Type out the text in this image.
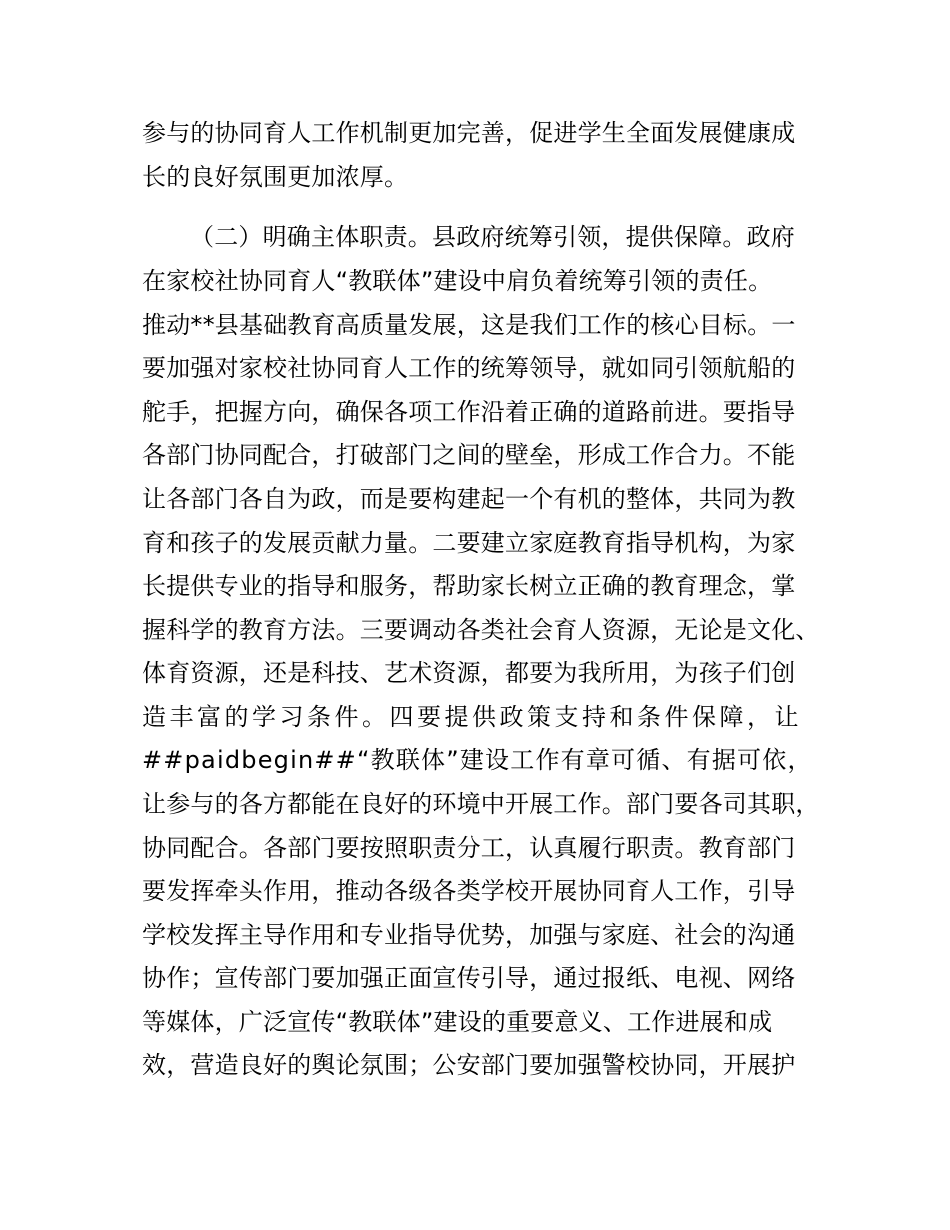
参与的协同育人工作机制更加完善，促进学生全面发展健康成
长的良好氛围更加浓厚。
（二）明确主体职责。县政府统筹引领，提供保障。政府
在家校社协同育人“教联体”建设中肩负着统筹引领的责任。
推动**县基础教育高质量发展，这是我们工作的核心目标。一
要加强对家校社协同育人工作的统筹领导，就如同引领航船的
舵手，把握方向，确保各项工作沿着正确的道路前进。要指导
各部门协同配合，打破部门之间的壁垒，形成工作合力。不能
让各部门各自为政，而是要构建起一个有机的整体，共同为教
育和孩子的发展贡献力量。二要建立家庭教育指导机构，为家
长提供专业的指导和服务，帮助家长树立正确的教育理念，掌
握科学的教育方法。三要调动各类社会育人资源，无论是文化、
体育资源，还是科技、艺术资源，都要为我所用，为孩子们创
造丰富的学习条件。四要提供政策支持和条件保障，让
##paidbegin##“教联体”建设工作有章可循、有据可依，
让参与的各方都能在良好的环境中开展工作。部门要各司其职，
协同配合。各部门要按照职责分工，认真履行职责。教育部门
要发挥牵头作用，推动各级各类学校开展协同育人工作，引导
学校发挥主导作用和专业指导优势，加强与家庭、社会的沟通
协作；宣传部门要加强正面宣传引导，通过报纸、电视、网络
等媒体，广泛宣传“教联体”建设的重要意义、工作进展和成
效，营造良好的舆论氛围；公安部门要加强警校协同，开展护
